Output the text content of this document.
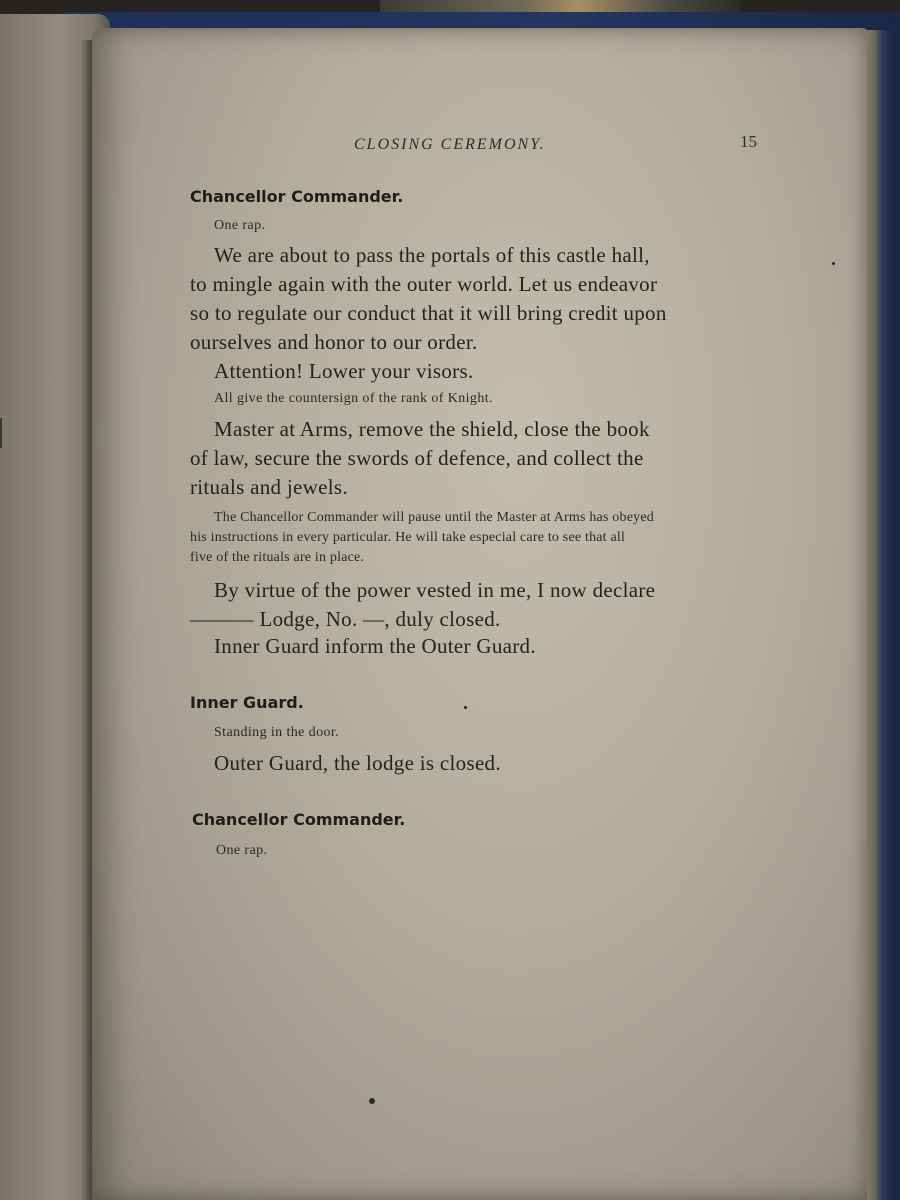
CLOSING CEREMONY.	15
Chancellor Commander.
One rap.
We are about to pass the portals of this castle hall,
to mingle again with the outer world. Let us endeavor
so to regulate our conduct that it will bring credit upon
ourselves and honor to our order.
Attention! Lower your visors.
All give the countersign of the rank of Knight.
Master at Arms, remove the shield, close the book
of law, secure the swords of defence, and collect the
rituals and jewels.
The Chancellor Commander will pause until the Master at Arms has obeyed
his instructions in every particular. He will take especial care to see that all
five of the rituals are in place.
By virtue of the power vested in me, I now declare
——— Lodge, No. —, duly closed.
Inner Guard inform the Outer Guard.
Inner Guard.
Standing in the door.
Outer Guard, the lodge is closed.
Chancellor Commander.
One rap.
